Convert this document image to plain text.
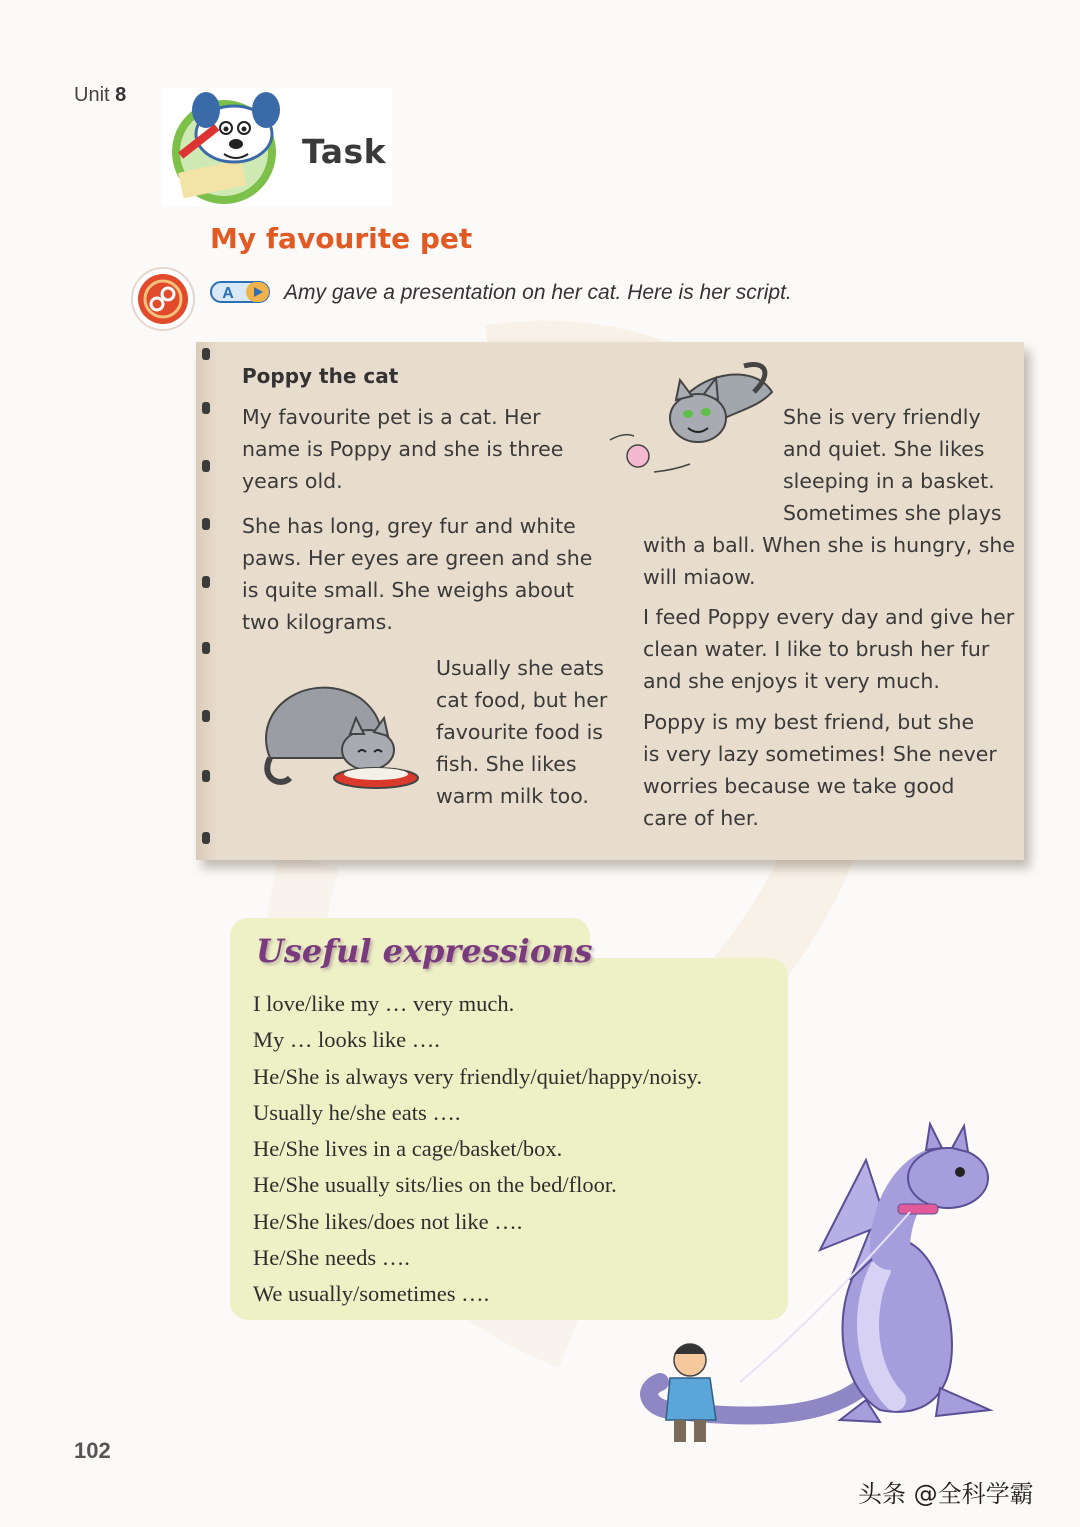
Unit 8
Task
My favourite pet
A Amy gave a presentation on her cat. Here is her script.
Poppy the cat
My favourite pet is a cat. Her
name is Poppy and she is three
years old.
She has long, grey fur and white
paws. Her eyes are green and she
is quite small. She weighs about
two kilograms.
Usually she eats
cat food, but her
favourite food is
fish. She likes
warm milk too.
She is very friendly
and quiet. She likes
sleeping in a basket.
Sometimes she plays
with a ball. When she is hungry, she
will miaow.
I feed Poppy every day and give her
clean water. I like to brush her fur
and she enjoys it very much.
Poppy is my best friend, but she
is very lazy sometimes! She never
worries because we take good
care of her.
Useful expressions
I love/like my … very much.
My … looks like ….
He/She is always very friendly/quiet/happy/noisy.
Usually he/she eats ….
He/She lives in a cage/basket/box.
He/She usually sits/lies on the bed/floor.
He/She likes/does not like ….
He/She needs ….
We usually/sometimes ….
102
头条 @全科学霸
